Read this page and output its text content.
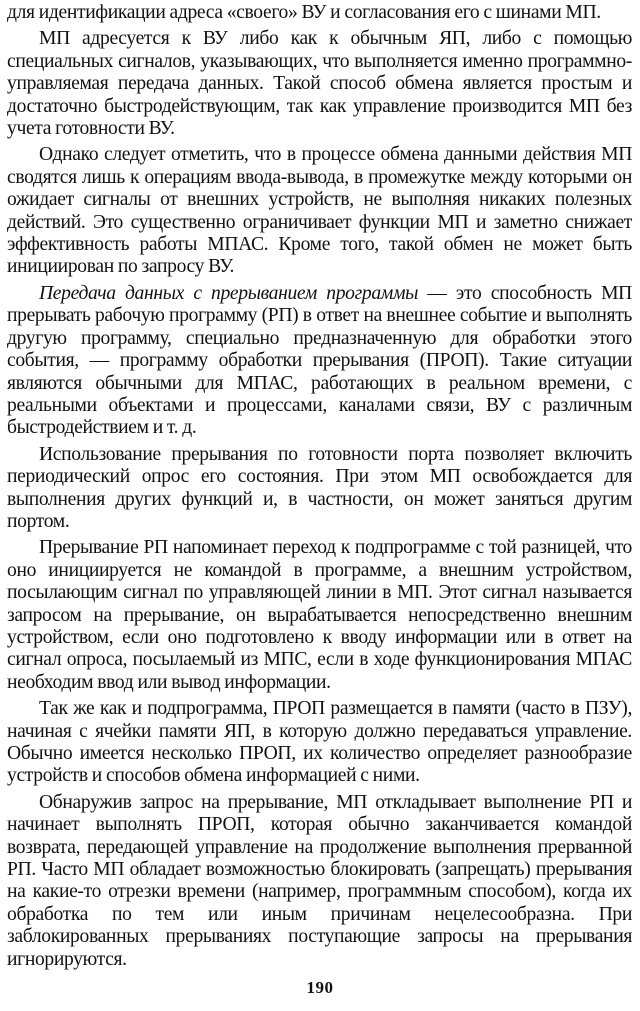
для идентификации адреса «своего» ВУ и согласования его с шинами МП.

МП адресуется к ВУ либо как к обычным ЯП, либо с помощью специальных сигналов, указывающих, что выполняется именно программно-управляемая передача данных. Такой способ обмена является простым и достаточно быстродействующим, так как управление производится МП без учета готовности ВУ.

Однако следует отметить, что в процессе обмена данными действия МП сводятся лишь к операциям ввода-вывода, в промежутке между которыми он ожидает сигналы от внешних устройств, не выполняя никаких полезных действий. Это существенно ограничивает функции МП и заметно снижает эффективность работы МПАС. Кроме того, такой обмен не может быть инициирован по запросу ВУ.

Передача данных с прерыванием программы — это способность МП прерывать рабочую программу (РП) в ответ на внешнее событие и выполнять другую программу, специально предназначенную для обработки этого события, — программу обработки прерывания (ПРОП). Такие ситуации являются обычными для МПАС, работающих в реальном времени, с реальными объектами и процессами, каналами связи, ВУ с различным быстродействием и т. д.

Использование прерывания по готовности порта позволяет включить периодический опрос его состояния. При этом МП освобождается для выполнения других функций и, в частности, он может заняться другим портом.

Прерывание РП напоминает переход к подпрограмме с той разницей, что оно инициируется не командой в программе, а внешним устройством, посылающим сигнал по управляющей линии в МП. Этот сигнал называется запросом на прерывание, он вырабатывается непосредственно внешним устройством, если оно подготовлено к вводу информации или в ответ на сигнал опроса, посылаемый из МПС, если в ходе функционирования МПАС необходим ввод или вывод информации.

Так же как и подпрограмма, ПРОП размещается в памяти (часто в ПЗУ), начиная с ячейки памяти ЯП, в которую должно передаваться управление. Обычно имеется несколько ПРОП, их количество определяет разнообразие устройств и способов обмена информацией с ними.

Обнаружив запрос на прерывание, МП откладывает выполнение РП и начинает выполнять ПРОП, которая обычно заканчивается командой возврата, передающей управление на продолжение выполнения прерванной РП. Часто МП обладает возможностью блокировать (запрещать) прерывания на какие-то отрезки времени (например, программным способом), когда их обработка по тем или иным причинам нецелесообразна. При заблокированных прерываниях поступающие запросы на прерывания игнорируются.

190
